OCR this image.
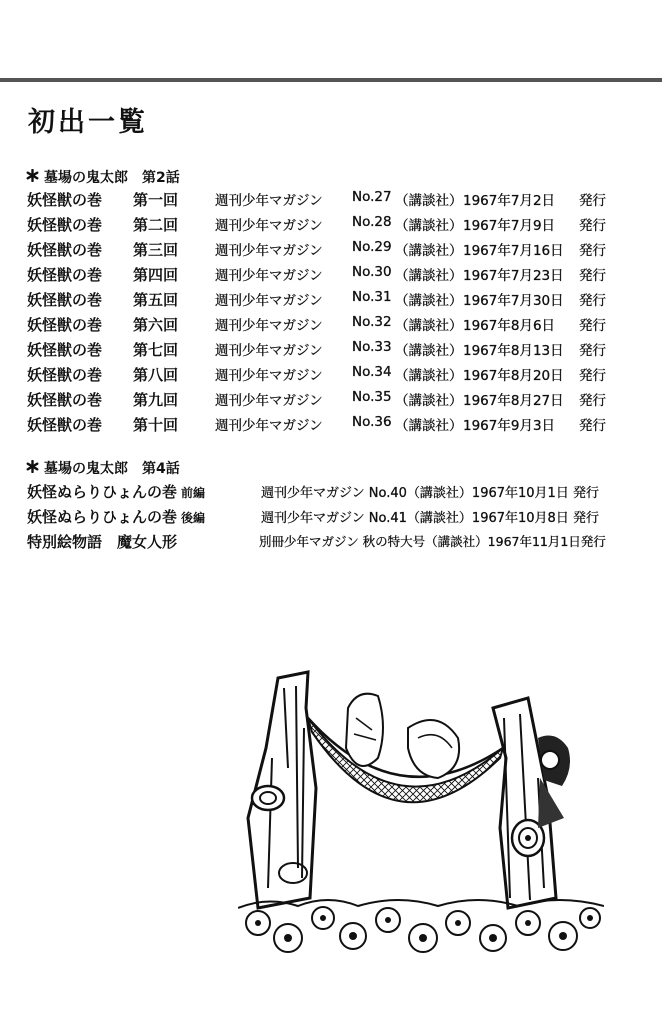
初出一覧
墓場の鬼太郎　第2話
妖怪獣の巻 第一回	週刊少年マガジン No.27 （講談社） 1967年7月2日 発行
妖怪獣の巻 第二回	週刊少年マガジン No.28 （講談社） 1967年7月9日 発行
妖怪獣の巻 第三回	週刊少年マガジン No.29 （講談社） 1967年7月16日 発行
妖怪獣の巻 第四回	週刊少年マガジン No.30 （講談社） 1967年7月23日 発行
妖怪獣の巻 第五回	週刊少年マガジン No.31 （講談社） 1967年7月30日 発行
妖怪獣の巻 第六回	週刊少年マガジン No.32 （講談社） 1967年8月6日 発行
妖怪獣の巻 第七回	週刊少年マガジン No.33 （講談社） 1967年8月13日 発行
妖怪獣の巻 第八回	週刊少年マガジン No.34 （講談社） 1967年8月20日 発行
妖怪獣の巻 第九回	週刊少年マガジン No.35 （講談社） 1967年8月27日 発行
妖怪獣の巻 第十回	週刊少年マガジン No.36 （講談社） 1967年9月3日 発行
墓場の鬼太郎　第4話
妖怪ぬらりひょんの巻 前編	週刊少年マガジン No.40（講談社）1967年10月1日 発行
妖怪ぬらりひょんの巻 後編	週刊少年マガジン No.41（講談社）1967年10月8日 発行
特別絵物語　魔女人形	別冊少年マガジン 秋の特大号（講談社）1967年11月1日発行
